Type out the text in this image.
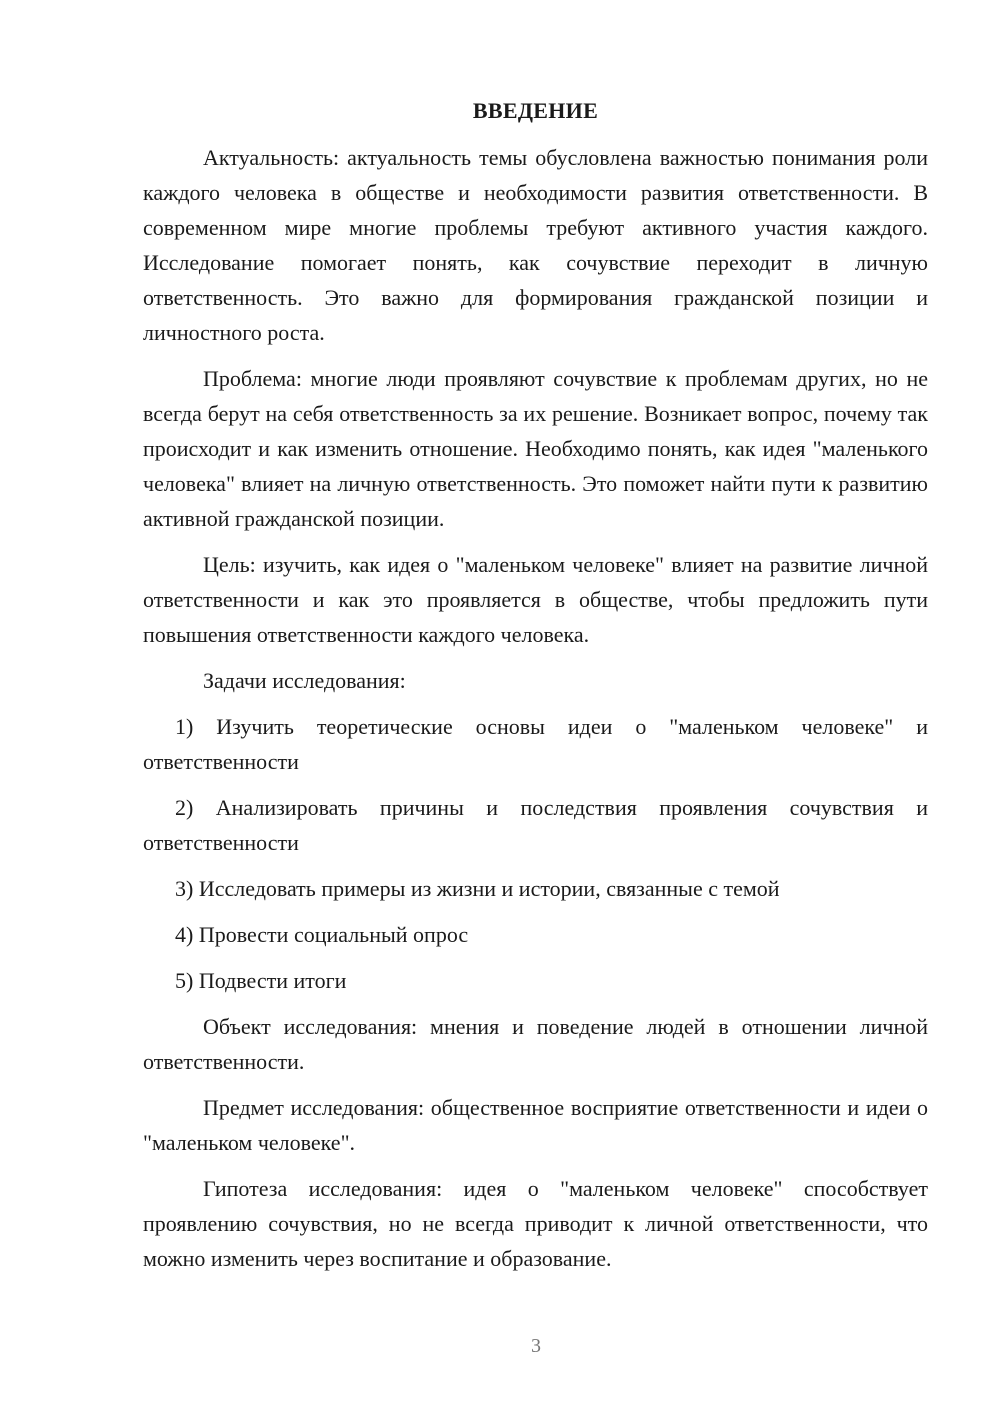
ВВЕДЕНИЕ

Актуальность: актуальность темы обусловлена важностью понимания роли каждого человека в обществе и необходимости развития ответственности. В современном мире многие проблемы требуют активного участия каждого. Исследование помогает понять, как сочувствие переходит в личную ответственность. Это важно для формирования гражданской позиции и личностного роста.

Проблема: многие люди проявляют сочувствие к проблемам других, но не всегда берут на себя ответственность за их решение. Возникает вопрос, почему так происходит и как изменить отношение. Необходимо понять, как идея "маленького человека" влияет на личную ответственность. Это поможет найти пути к развитию активной гражданской позиции.

Цель: изучить, как идея о "маленьком человеке" влияет на развитие личной ответственности и как это проявляется в обществе, чтобы предложить пути повышения ответственности каждого человека.

Задачи исследования:

1) Изучить теоретические основы идеи о "маленьком человеке" и ответственности

2) Анализировать причины и последствия проявления сочувствия и ответственности

3) Исследовать примеры из жизни и истории, связанные с темой

4) Провести социальный опрос

5) Подвести итоги

Объект исследования: мнения и поведение людей в отношении личной ответственности.

Предмет исследования: общественное восприятие ответственности и идеи о "маленьком человеке".

Гипотеза исследования: идея о "маленьком человеке" способствует проявлению сочувствия, но не всегда приводит к личной ответственности, что можно изменить через воспитание и образование.

3
